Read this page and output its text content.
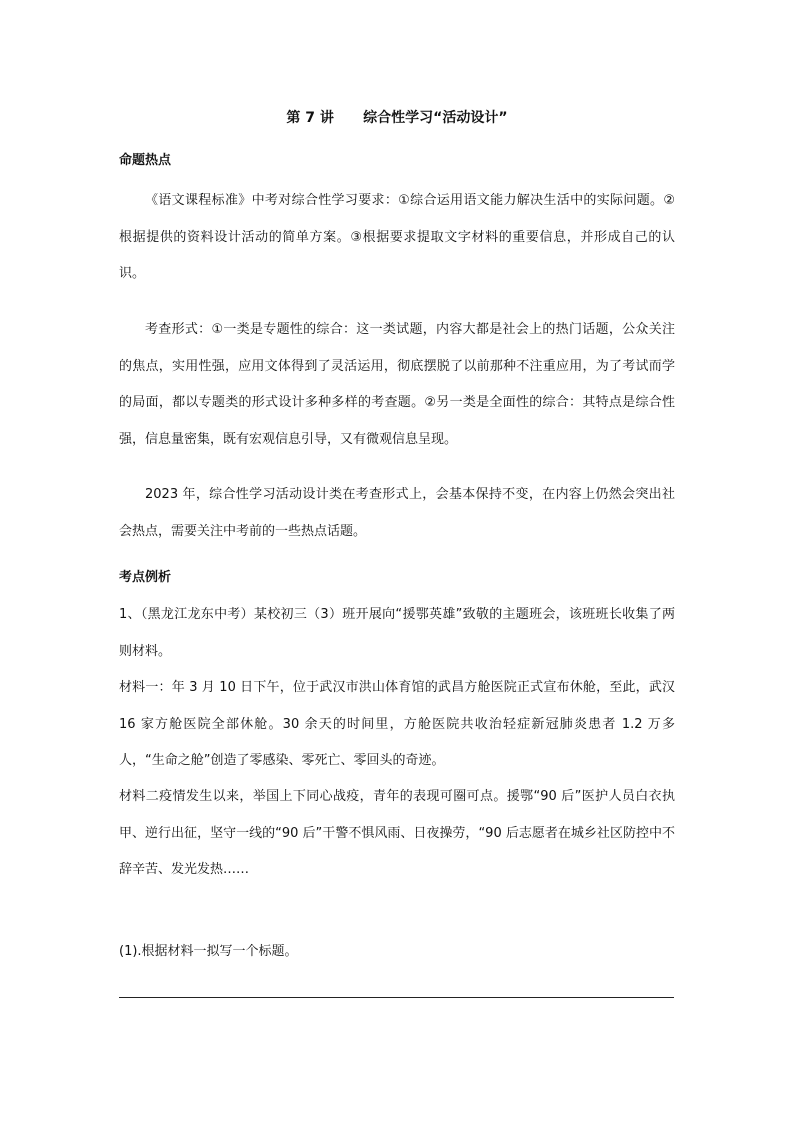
第 7 讲      综合性学习“活动设计”
命题热点

《语文课程标准》中考对综合性学习要求：①综合运用语文能力解决生活中的实际问题。②根据提供的资料设计活动的简单方案。③根据要求提取文字材料的重要信息，并形成自己的认识。

考查形式：①一类是专题性的综合：这一类试题，内容大都是社会上的热门话题，公众关注的焦点，实用性强，应用文体得到了灵活运用，彻底摆脱了以前那种不注重应用，为了考试而学的局面，都以专题类的形式设计多种多样的考查题。②另一类是全面性的综合：其特点是综合性强，信息量密集，既有宏观信息引导，又有微观信息呈现。

2023 年，综合性学习活动设计类在考查形式上，会基本保持不变，在内容上仍然会突出社会热点，需要关注中考前的一些热点话题。

考点例析

1、（黑龙江龙东中考）某校初三（3）班开展向“援鄂英雄”致敬的主题班会，该班班长收集了两则材料。

材料一：年 3 月 10 日下午，位于武汉市洪山体育馆的武昌方舱医院正式宣布休舱，至此，武汉 16 家方舱医院全部休舱。30 余天的时间里，方舱医院共收治轻症新冠肺炎患者 1.2 万多人，“生命之舱”创造了零感染、零死亡、零回头的奇迹。

材料二疫情发生以来，举国上下同心战疫，青年的表现可圈可点。援鄂“90 后”医护人员白衣执甲、逆行出征，坚守一线的“90 后”干警不惧风雨、日夜操劳，“90 后志愿者在城乡社区防控中不辞辛苦、发光发热……

(1).根据材料一拟写一个标题。
